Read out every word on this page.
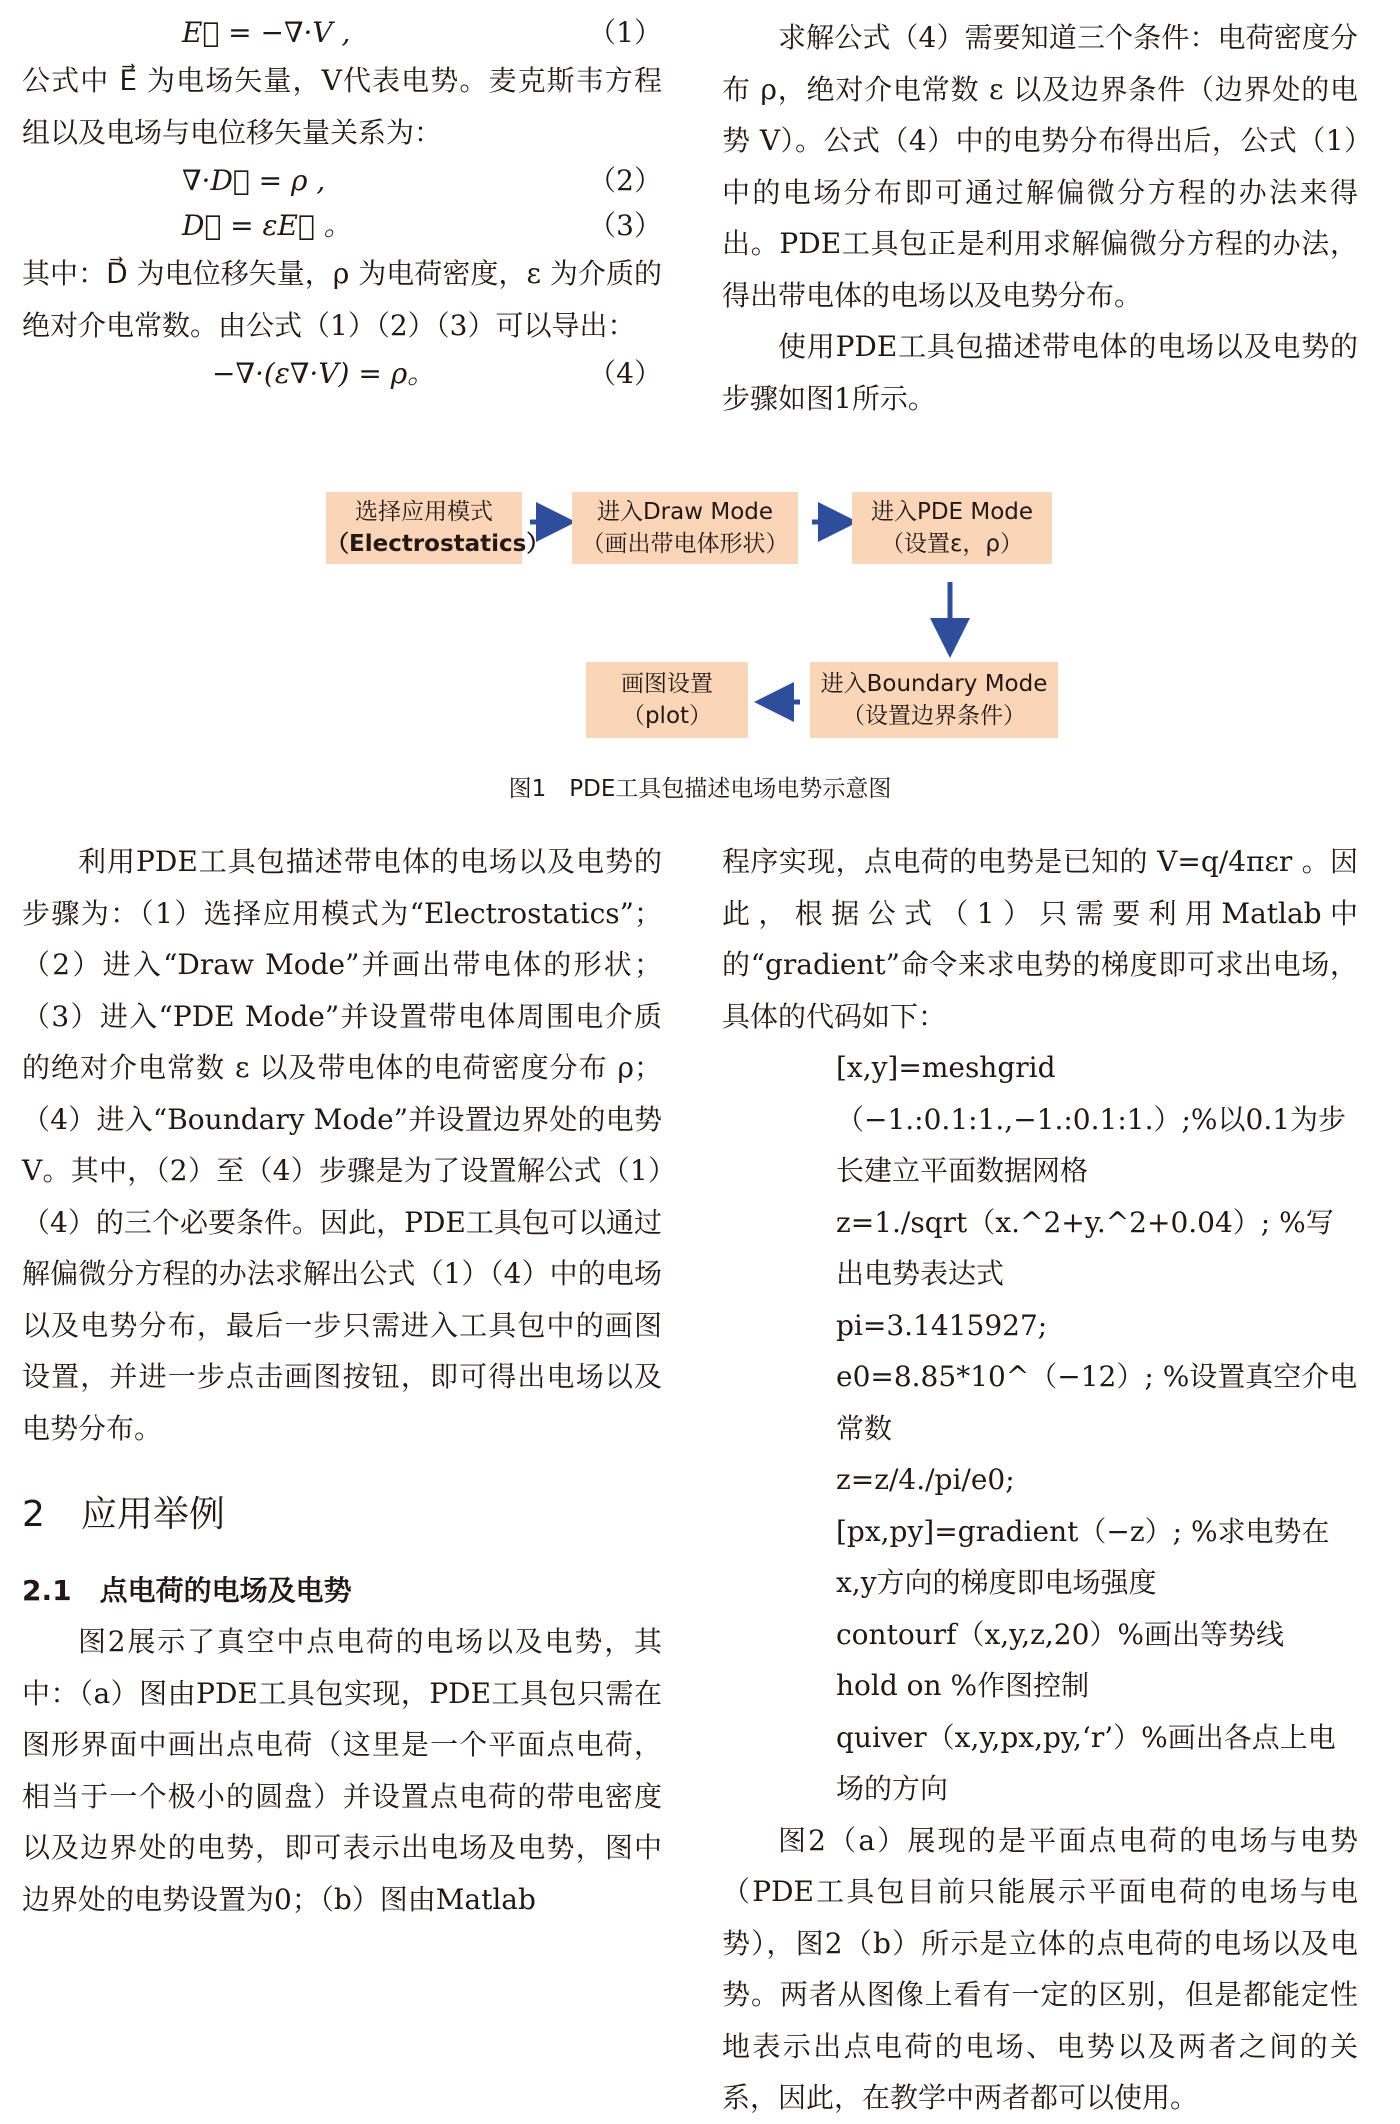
E⃗ = −∇·V ,	（1）

公式中 E⃗ 为电场矢量，V代表电势。麦克斯韦方程组以及电场与电位移矢量关系为：

∇·D⃗ = ρ ,	（2）
D⃗ = εE⃗ 。	（3）

其中：D⃗ 为电位移矢量，ρ 为电荷密度，ε 为介质的绝对介电常数。由公式（1）（2）（3）可以导出：

−∇·(ε∇·V) = ρ。	（4）

求解公式（4）需要知道三个条件：电荷密度分布 ρ，绝对介电常数 ε 以及边界条件（边界处的电势 V）。公式（4）中的电势分布得出后，公式（1）中的电场分布即可通过解偏微分方程的办法来得出。PDE工具包正是利用求解偏微分方程的办法，得出带电体的电场以及电势分布。

使用PDE工具包描述带电体的电场以及电势的步骤如图1所示。

选择应用模式
（Electrostatics）
进入Draw Mode
（画出带电体形状）
进入PDE Mode
（设置ε，ρ）
进入Boundary Mode
（设置边界条件）
画图设置
（plot）
图1　PDE工具包描述电场电势示意图

利用PDE工具包描述带电体的电场以及电势的步骤为：（1）选择应用模式为“Electrostatics”；（2）进入“Draw Mode”并画出带电体的形状；（3）进入“PDE Mode”并设置带电体周围电介质的绝对介电常数 ε 以及带电体的电荷密度分布 ρ；（4）进入“Boundary Mode”并设置边界处的电势 V。其中，（2）至（4）步骤是为了设置解公式（1）（4）的三个必要条件。因此，PDE工具包可以通过解偏微分方程的办法求解出公式（1）（4）中的电场以及电势分布，最后一步只需进入工具包中的画图设置，并进一步点击画图按钮，即可得出电场以及电势分布。

2　应用举例
2.1　点电荷的电场及电势

图2展示了真空中点电荷的电场以及电势，其中：（a）图由PDE工具包实现，PDE工具包只需在图形界面中画出点电荷（这里是一个平面点电荷，相当于一个极小的圆盘）并设置点电荷的带电密度以及边界处的电势，即可表示出电场及电势，图中边界处的电势设置为0；（b）图由Matlab

程序实现，点电荷的电势是已知的 V=q/4πεr 。因此，根据公式（1）只需要利用Matlab中的“gradient”命令来求电势的梯度即可求出电场，具体的代码如下：

[x,y]=meshgrid（−1.:0.1:1.,−1.:0.1:1.）;%以0.1为步长建立平面数据网格

z=1./sqrt（x.^2+y.^2+0.04）; %写出电势表达式

pi=3.1415927;

e0=8.85*10^（−12）; %设置真空介电常数

z=z/4./pi/e0;

[px,py]=gradient（−z）; %求电势在x,y方向的梯度即电场强度

contourf（x,y,z,20）%画出等势线

hold on %作图控制

quiver（x,y,px,py,‘r’）%画出各点上电场的方向

图2（a）展现的是平面点电荷的电场与电势（PDE工具包目前只能展示平面电荷的电场与电势），图2（b）所示是立体的点电荷的电场以及电势。两者从图像上看有一定的区别，但是都能定性地表示出点电荷的电场、电势以及两者之间的关系，因此，在教学中两者都可以使用。
